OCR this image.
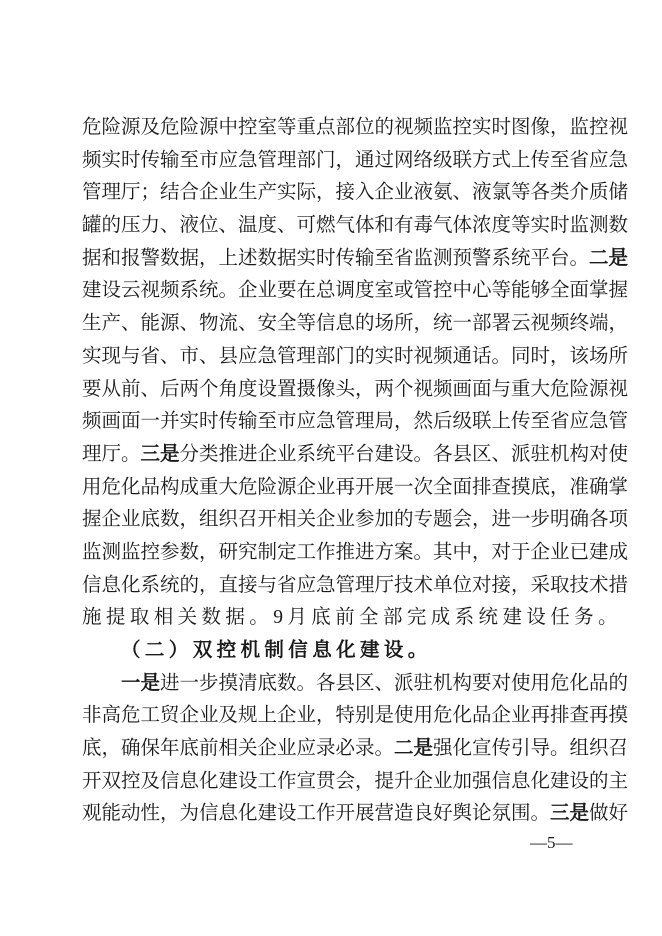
危险源及危险源中控室等重点部位的视频监控实时图像，监控视
频实时传输至市应急管理部门，通过网络级联方式上传至省应急
管理厅；结合企业生产实际，接入企业液氨、液氯等各类介质储
罐的压力、液位、温度、可燃气体和有毒气体浓度等实时监测数
据和报警数据，上述数据实时传输至省监测预警系统平台。二是
建设云视频系统。企业要在总调度室或管控中心等能够全面掌握
生产、能源、物流、安全等信息的场所，统一部署云视频终端，
实现与省、市、县应急管理部门的实时视频通话。同时，该场所
要从前、后两个角度设置摄像头，两个视频画面与重大危险源视
频画面一并实时传输至市应急管理局，然后级联上传至省应急管
理厅。三是分类推进企业系统平台建设。各县区、派驻机构对使
用危化品构成重大危险源企业再开展一次全面排查摸底，准确掌
握企业底数，组织召开相关企业参加的专题会，进一步明确各项
监测监控参数，研究制定工作推进方案。其中，对于企业已建成
信息化系统的，直接与省应急管理厅技术单位对接，采取技术措
施提取相关数据。9月底前全部完成系统建设任务。
（二）双控机制信息化建设。
一是进一步摸清底数。各县区、派驻机构要对使用危化品的
非高危工贸企业及规上企业，特别是使用危化品企业再排查再摸
底，确保年底前相关企业应录必录。二是强化宣传引导。组织召
开双控及信息化建设工作宣贯会，提升企业加强信息化建设的主
观能动性，为信息化建设工作开展营造良好舆论氛围。三是做好
—5—
